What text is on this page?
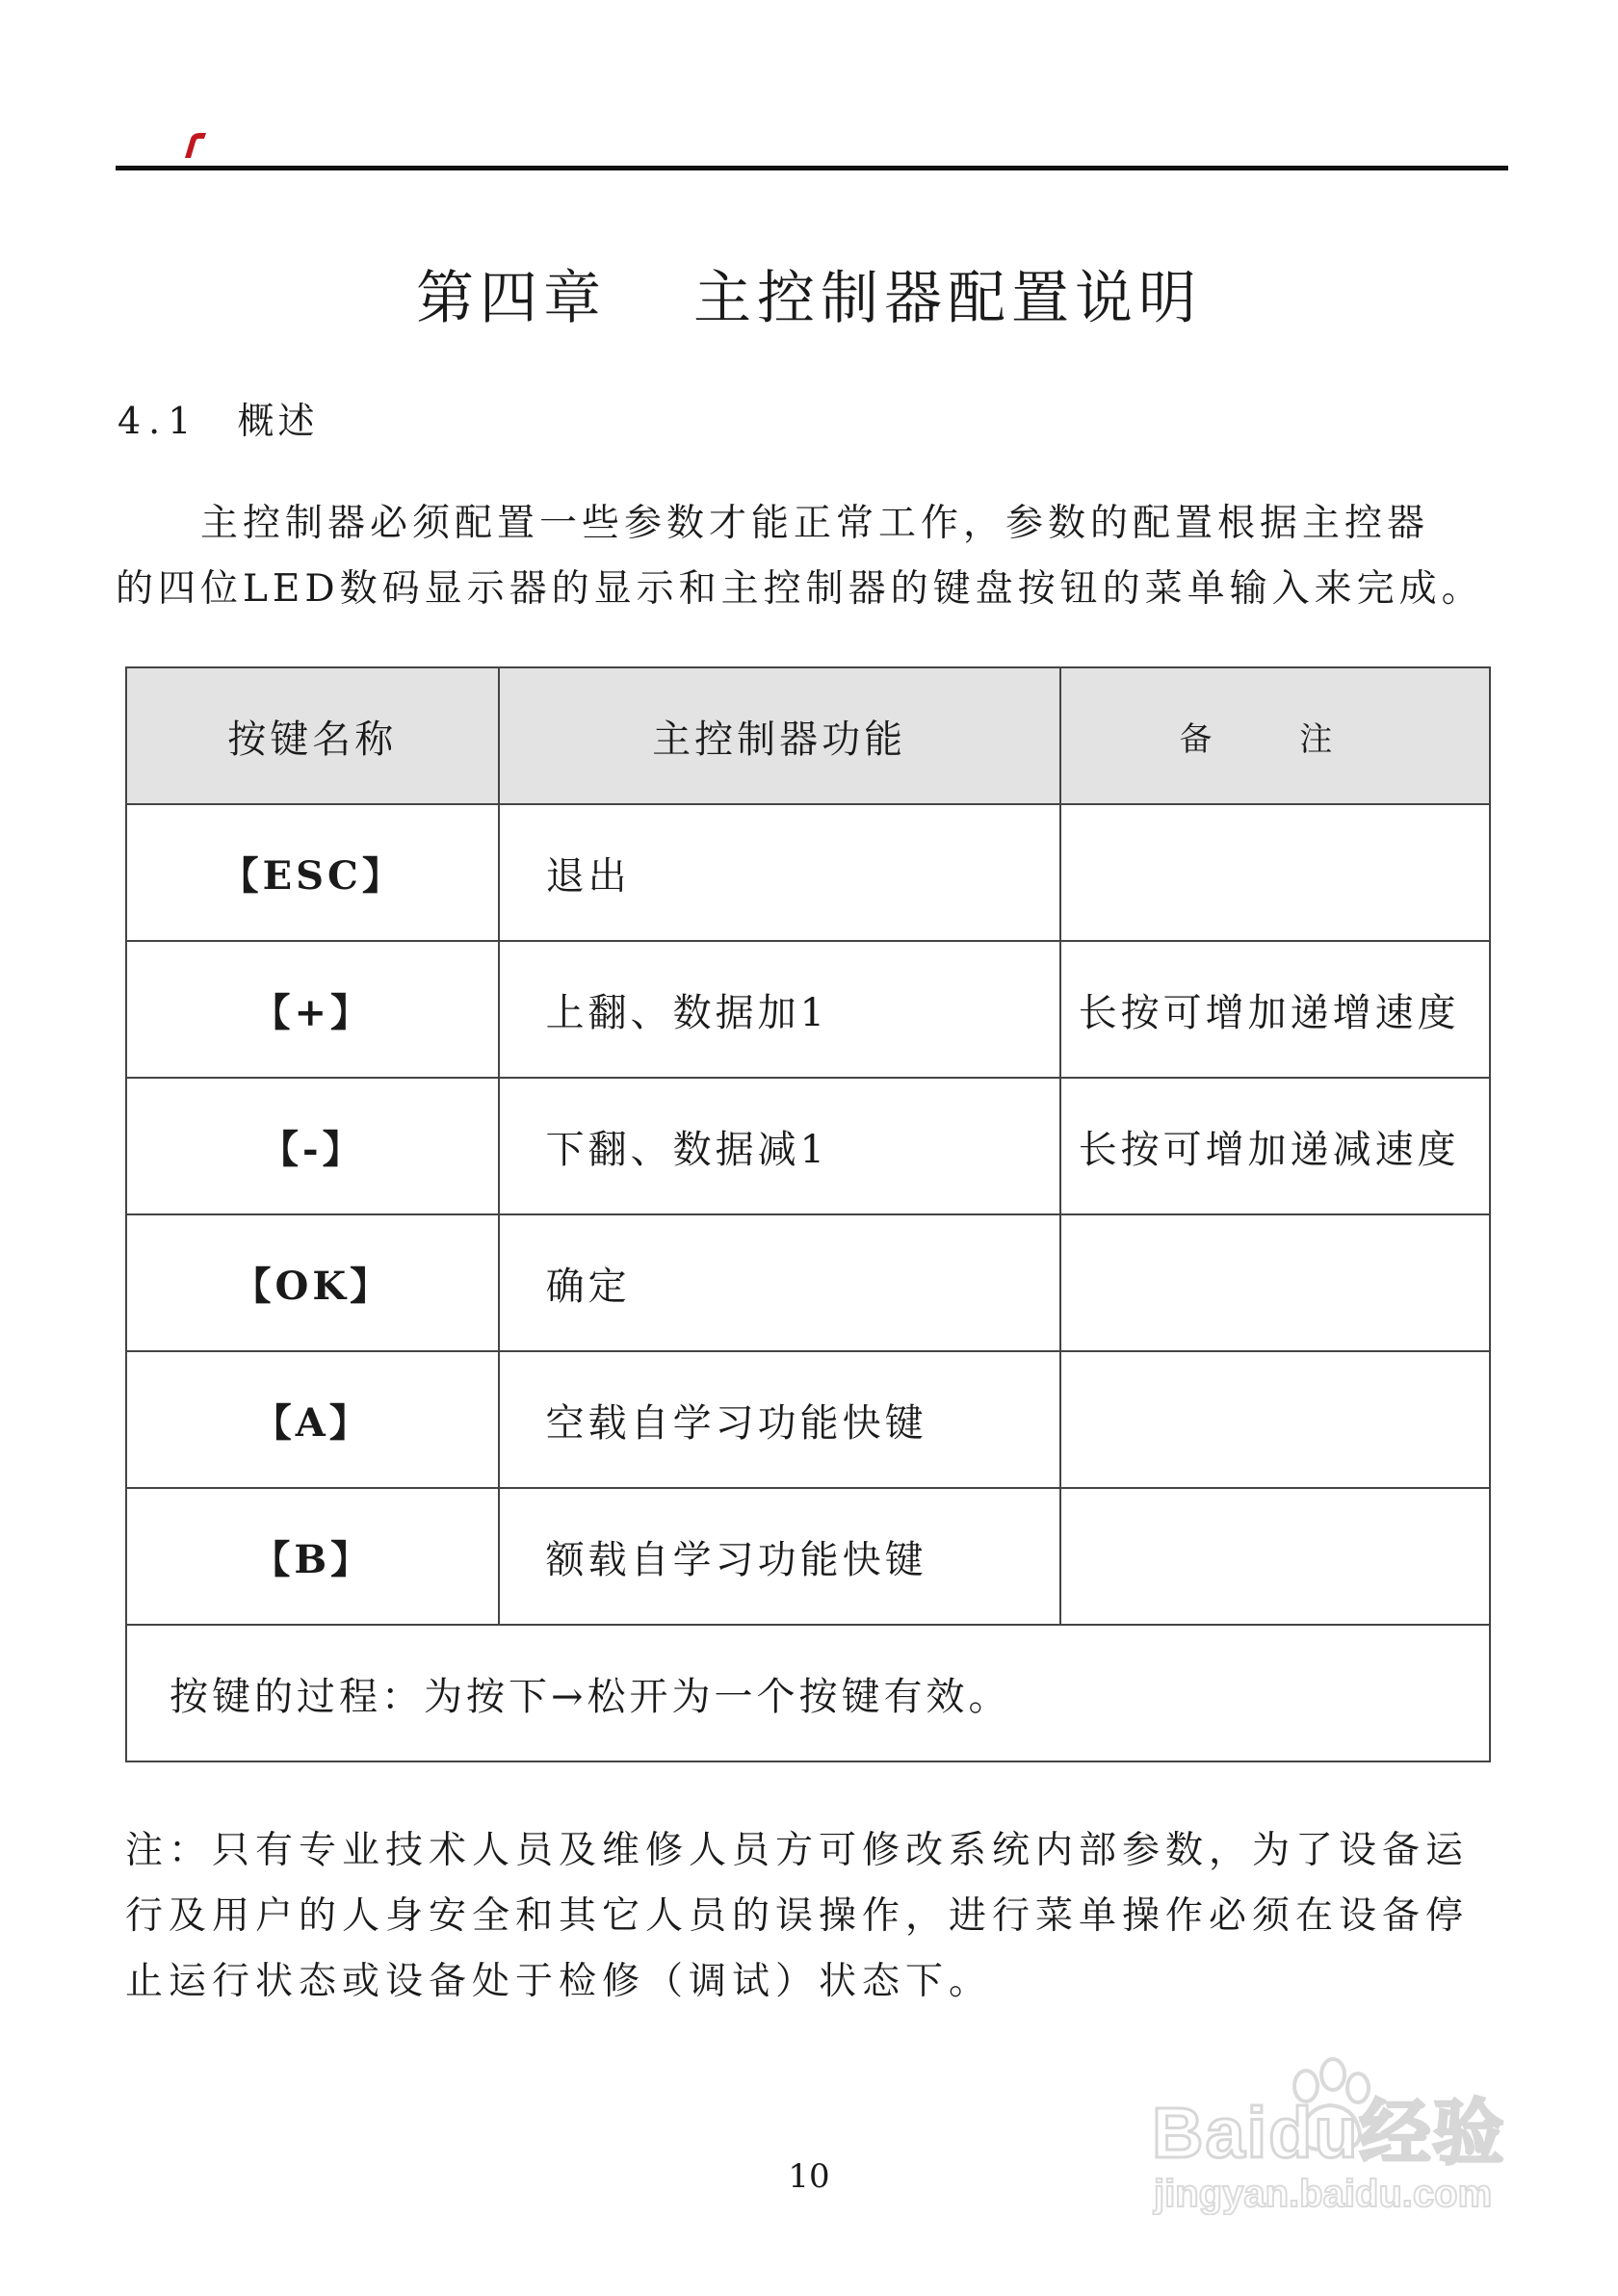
第四章 主控制器配置说明
4.1 概述

主控制器必须配置一些参数才能正常工作，参数的配置根据主控器

的四位LED数码显示器的显示和主控制器的键盘按钮的菜单输入来完成。

按键名称	主控制器功能	备 注
【ESC】	退出	
【+】	上翻、数据加1	长按可增加递增速度
【-】	下翻、数据减1	长按可增加递减速度
【OK】	确定	
【A】	空载自学习功能快键	
【B】	额载自学习功能快键	
按键的过程：为按下→松开为一个按键有效。		

注：只有专业技术人员及维修人员方可修改系统内部参数，为了设备运

行及用户的人身安全和其它人员的误操作，进行菜单操作必须在设备停

止运行状态或设备处于检修（调试）状态下。

10
Baidu经验
jingyan.baidu.com
